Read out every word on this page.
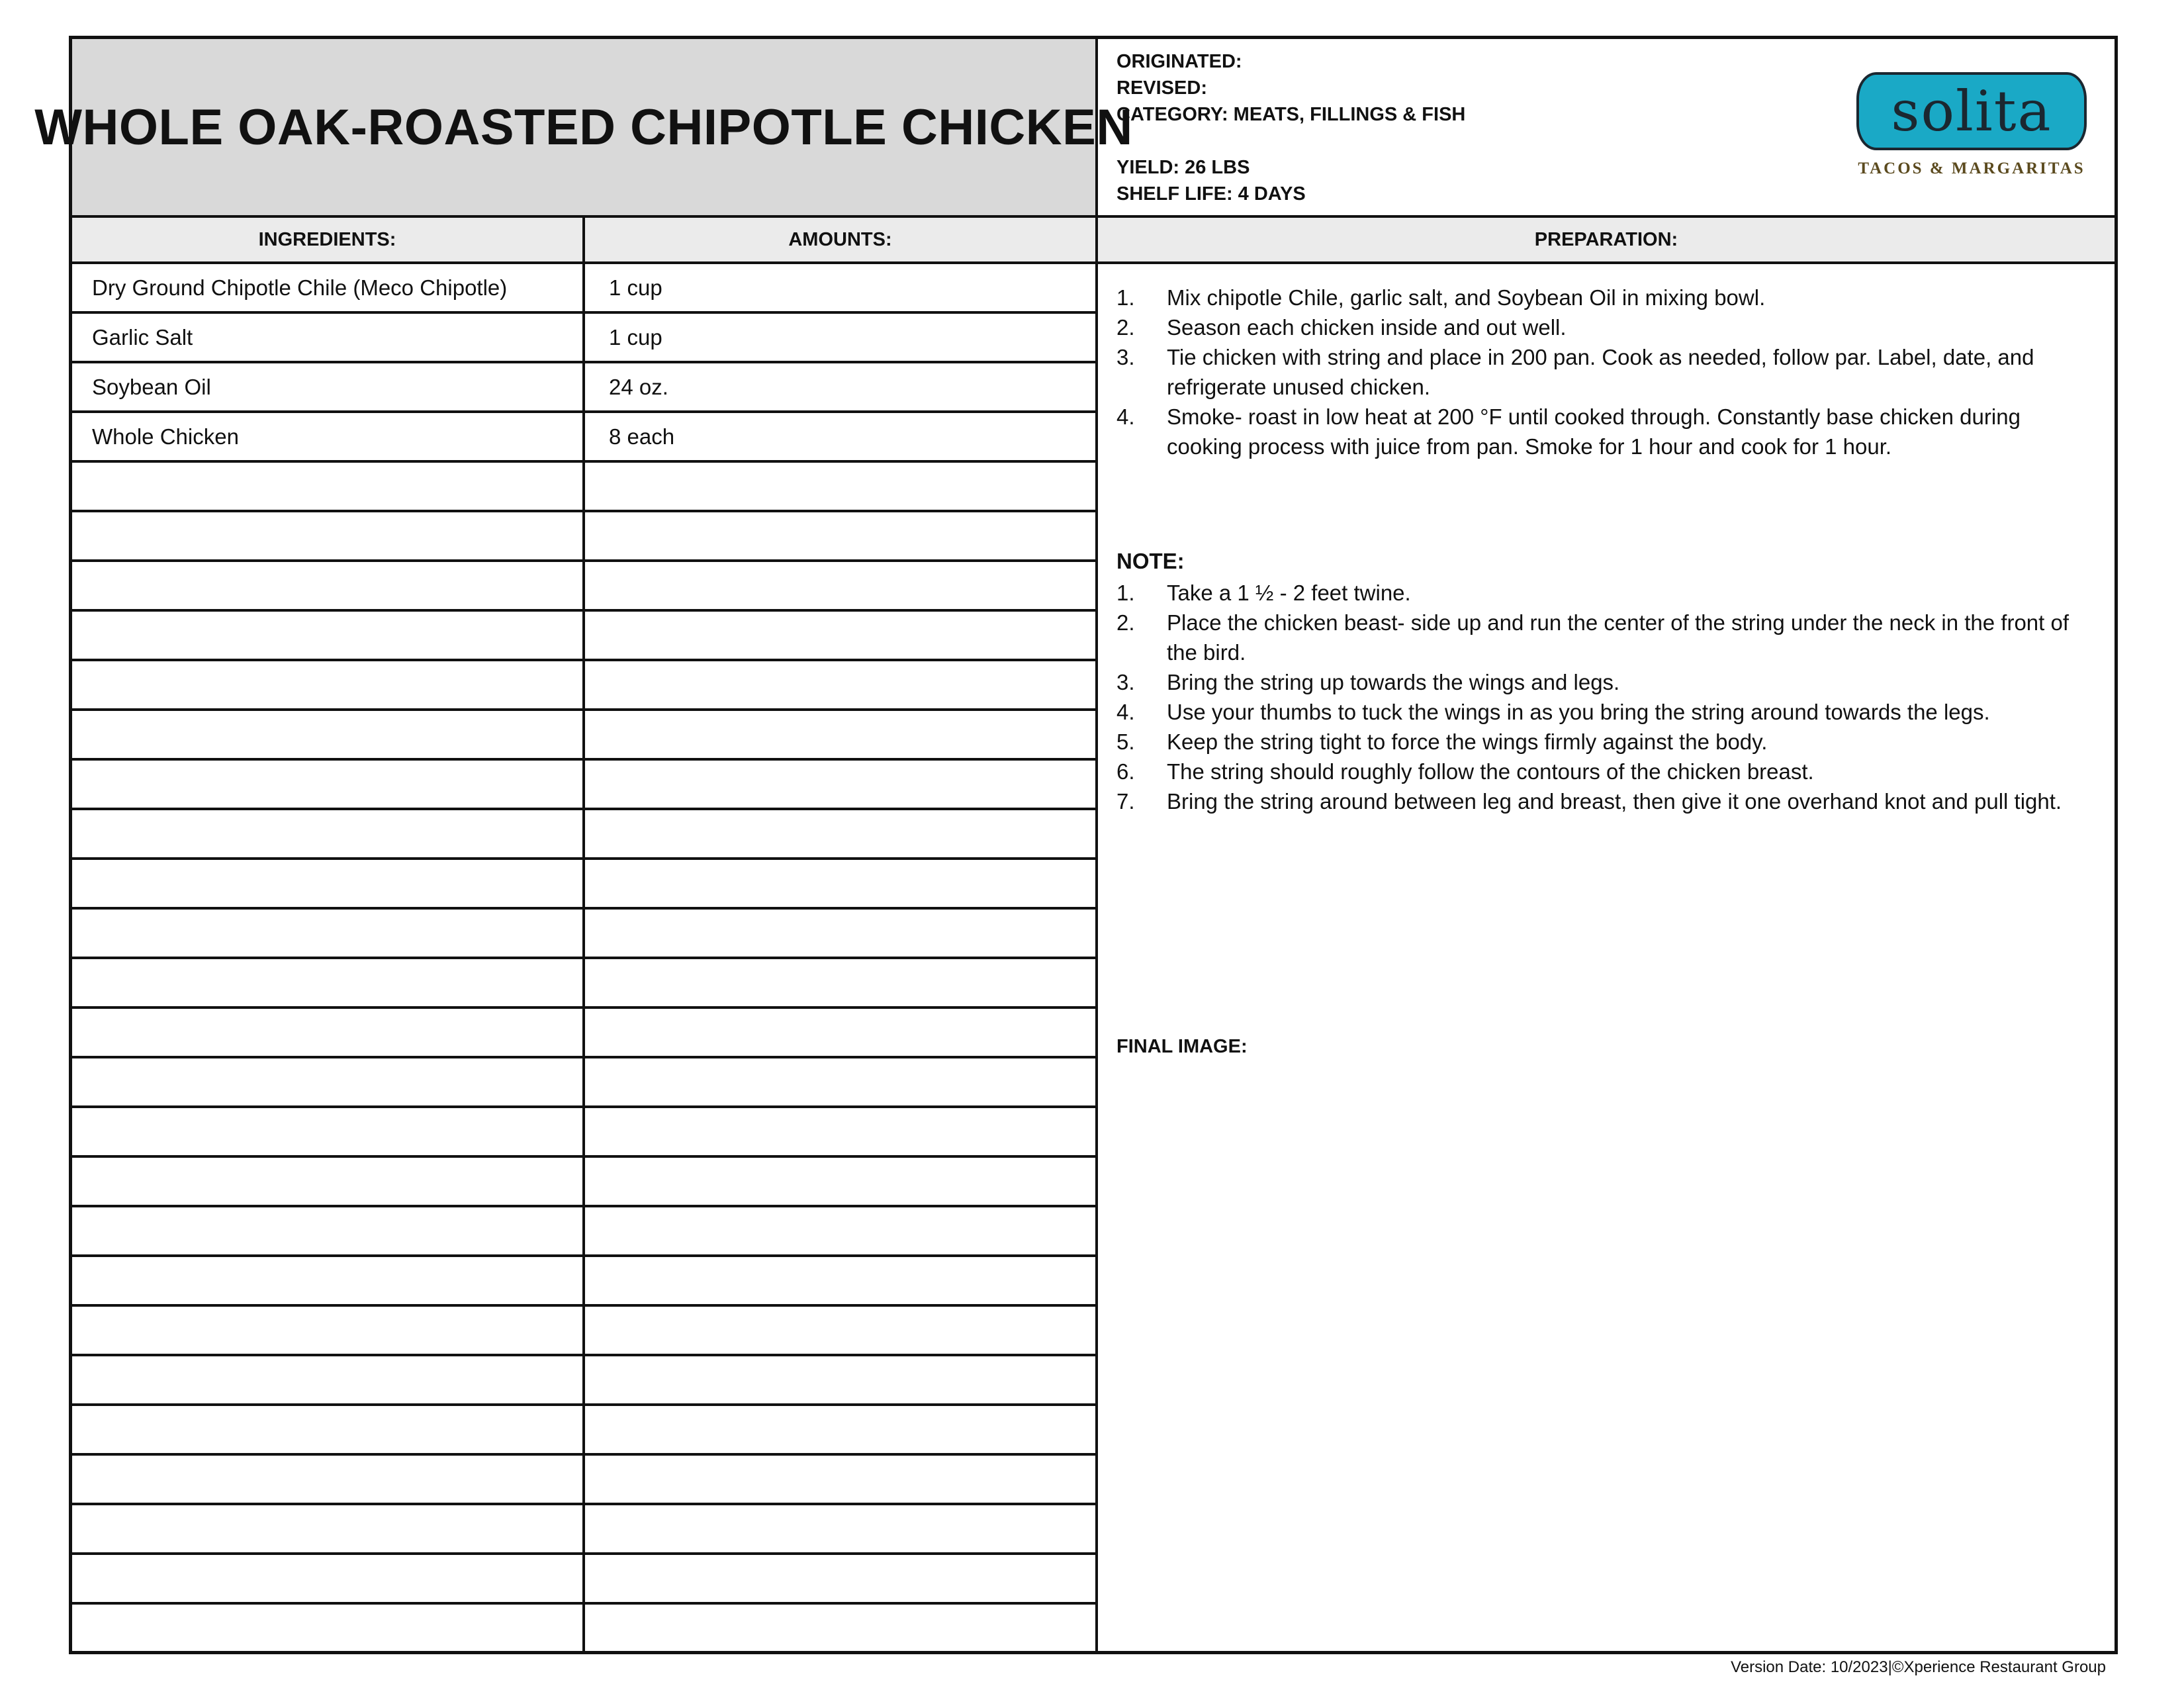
WHOLE OAK-ROASTED CHIPOTLE CHICKEN
ORIGINATED:
REVISED:
CATEGORY: MEATS, FILLINGS & FISH
YIELD: 26 LBS
SHELF LIFE: 4 DAYS
solita
TACOS & MARGARITAS
INGREDIENTS:	AMOUNTS:	PREPARATION:
Dry Ground Chipotle Chile (Meco Chipotle)	1 cup
Garlic Salt	1 cup
Soybean Oil	24 oz.
Whole Chicken	8 each
1. Mix chipotle Chile, garlic salt, and Soybean Oil in mixing bowl.
2. Season each chicken inside and out well.
3. Tie chicken with string and place in 200 pan. Cook as needed, follow par. Label, date, and refrigerate unused chicken.
4. Smoke- roast in low heat at 200 °F until cooked through. Constantly base chicken during cooking process with juice from pan. Smoke for 1 hour and cook for 1 hour.
NOTE:
1. Take a 1 ½ - 2 feet twine.
2. Place the chicken beast- side up and run the center of the string under the neck in the front of the bird.
3. Bring the string up towards the wings and legs.
4. Use your thumbs to tuck the wings in as you bring the string around towards the legs.
5. Keep the string tight to force the wings firmly against the body.
6. The string should roughly follow the contours of the chicken breast.
7. Bring the string around between leg and breast, then give it one overhand knot and pull tight.
FINAL IMAGE:
Version Date: 10/2023|©Xperience Restaurant Group
